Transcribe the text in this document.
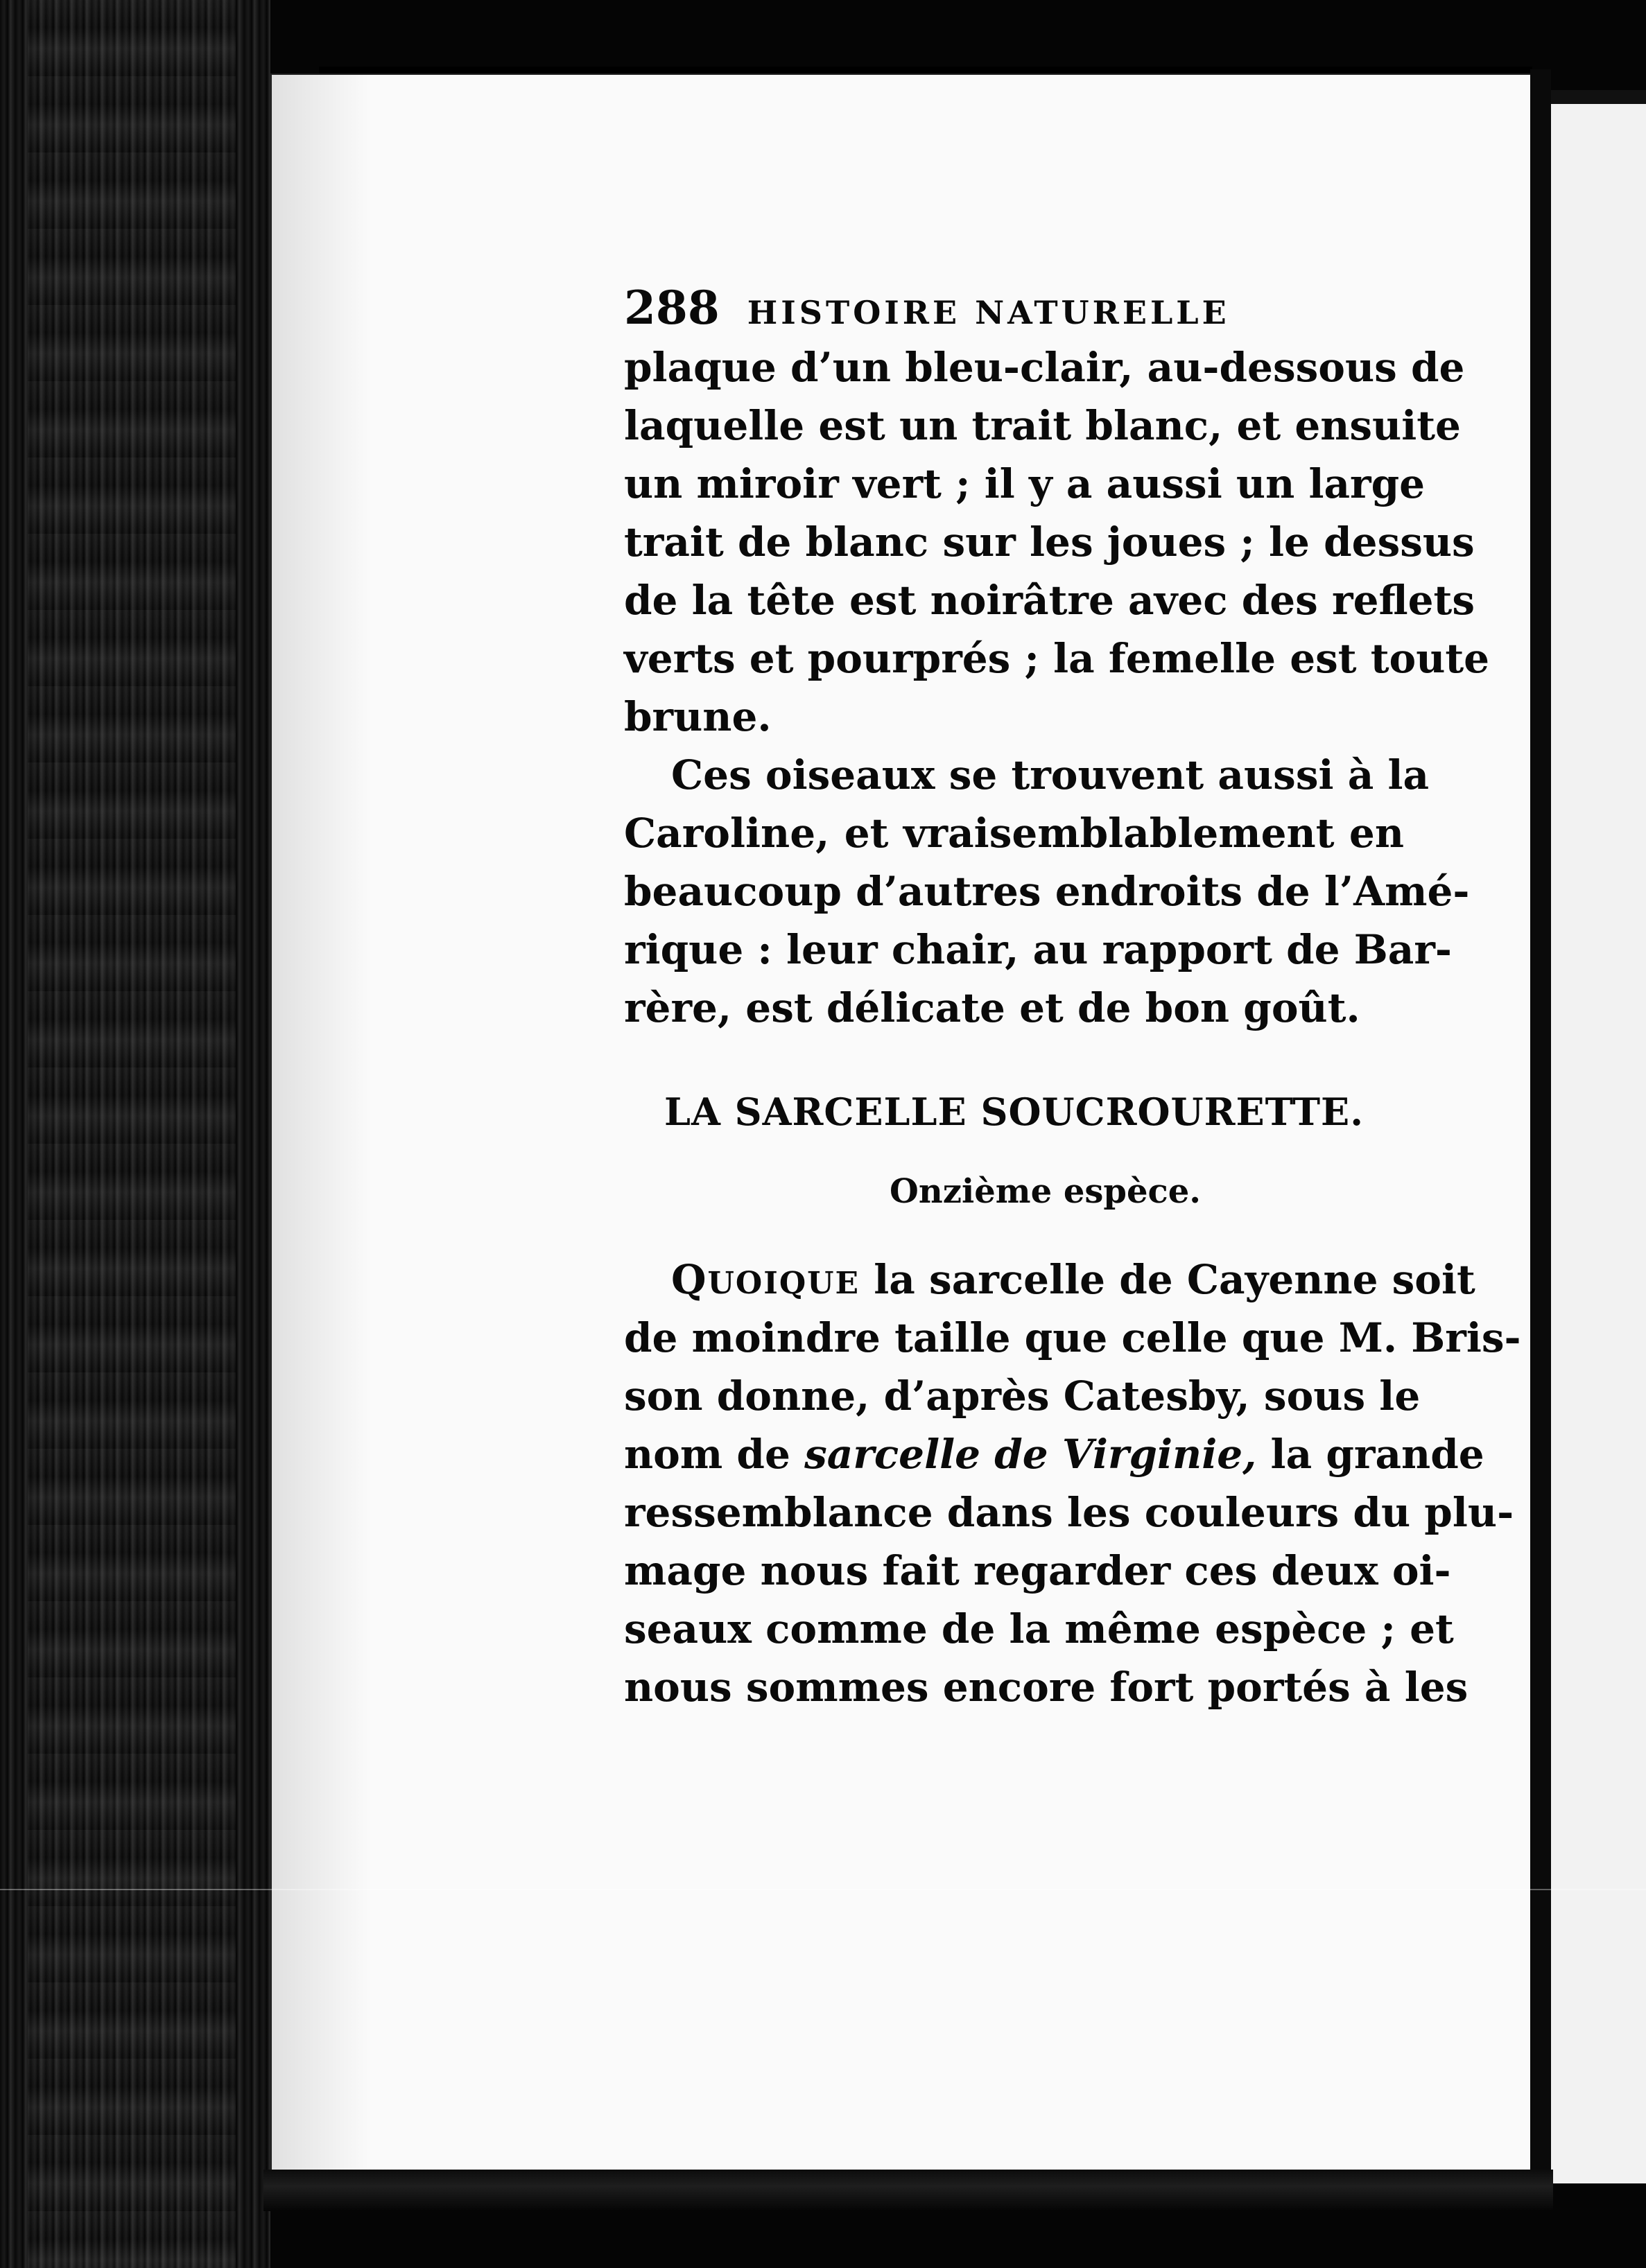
288 HISTOIRE NATURELLE
plaque d’un bleu-clair, au-dessous de
laquelle est un trait blanc, et ensuite
un miroir vert ; il y a aussi un large
trait de blanc sur les joues ; le dessus
de la tête est noirâtre avec des reflets
verts et pourprés ; la femelle est toute
brune.
Ces oiseaux se trouvent aussi à la
Caroline, et vraisemblablement en
beaucoup d’autres endroits de l’Amé-
rique : leur chair, au rapport de Bar-
rère, est délicate et de bon goût.
LA SARCELLE SOUCROURETTE.
Onzième espèce.
QUOIQUE la sarcelle de Cayenne soit
de moindre taille que celle que M. Bris-
son donne, d’après Catesby, sous le
nom de sarcelle de Virginie, la grande
ressemblance dans les couleurs du plu-
mage nous fait regarder ces deux oi-
seaux comme de la même espèce ; et
nous sommes encore fort portés à les
